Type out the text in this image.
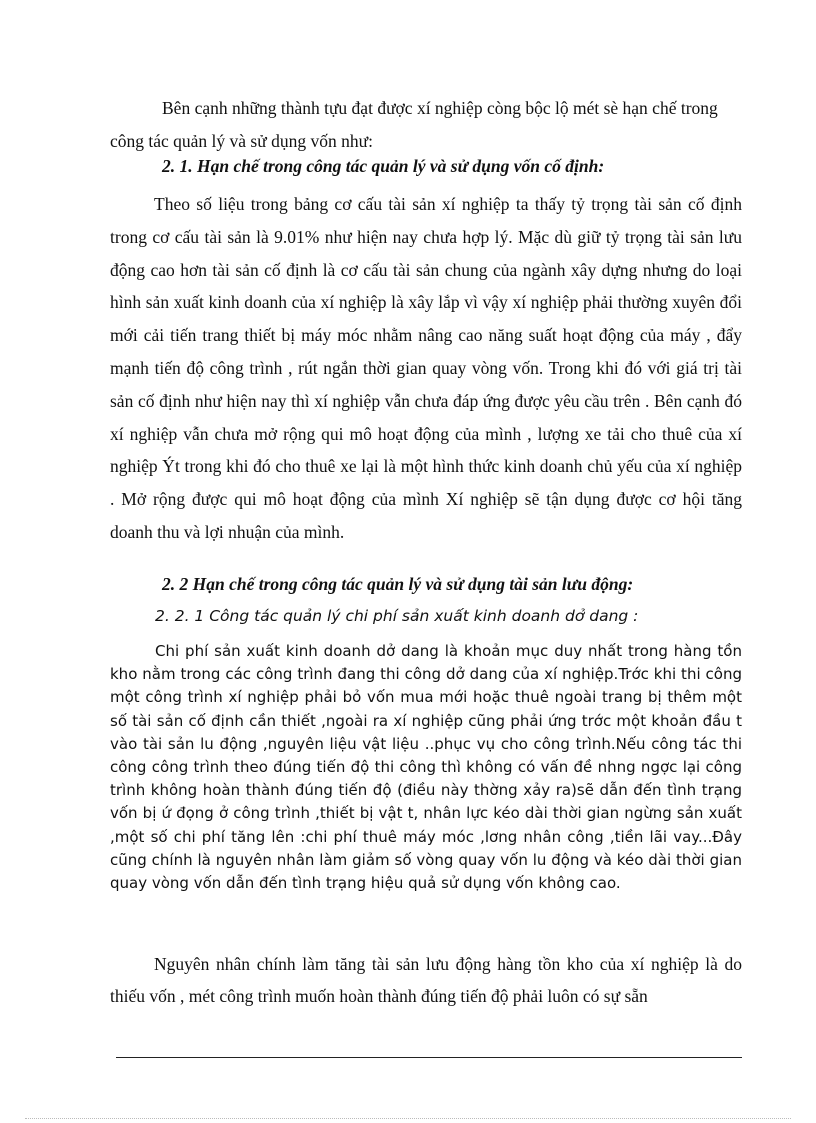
Bên cạnh những thành tựu đạt được xí nghiệp còng bộc lộ mét sè hạn chế trong công tác quản lý và sử dụng vốn như:
2. 1. Hạn chế trong công tác quản lý và sử dụng vốn cố định:
Theo số liệu trong bảng cơ cấu tài sản xí nghiệp ta thấy tỷ trọng tài sản cố định trong cơ cấu tài sản là 9.01% như hiện nay chưa hợp lý. Mặc dù giữ tỷ trọng tài sản lưu động cao hơn tài sản cố định là cơ cấu tài sản chung của ngành xây dựng nhưng do loại hình sản xuất kinh doanh của xí nghiệp là xây lắp vì vậy xí nghiệp phải thường xuyên đổi mới cải tiến trang thiết bị máy móc nhằm nâng cao năng suất hoạt động của máy , đẩy mạnh tiến độ công trình , rút ngắn thời gian quay vòng vốn. Trong khi đó với giá trị tài sản cố định như hiện nay thì xí nghiệp vẫn chưa đáp ứng được yêu cầu trên . Bên cạnh đó xí nghiệp vẫn chưa mở rộng qui mô hoạt động của mình , lượng xe tải cho thuê của xí nghiệp Ýt trong khi đó cho thuê xe lại là một hình thức kinh doanh chủ yếu của xí nghiệp . Mở rộng được qui mô hoạt động của mình Xí nghiệp sẽ tận dụng được cơ hội tăng doanh thu và lợi nhuận của mình.
2. 2 Hạn chế trong công tác quản lý và sử dụng tài sản lưu động:
2. 2. 1 Công tác quản lý chi phí sản xuất kinh doanh dở dang :
Chi phí sản xuất kinh doanh dở dang là khoản mục duy nhất trong hàng tồn kho nằm trong các công trình đang thi công dở dang của xí nghiệp.Trớc khi thi công một công trình xí nghiệp phải bỏ vốn mua mới hoặc thuê ngoài trang bị thêm một số tài sản cố định cần thiết ,ngoài ra xí nghiệp cũng phải ứng trớc một khoản đầu t vào tài sản lu động ,nguyên liệu vật liệu ..phục vụ cho công trình.Nếu công tác thi công công trình theo đúng tiến độ thi công thì không có vấn đề nhng ngợc lại công trình không hoàn thành đúng tiến độ (điều này thờng xảy ra)sẽ dẫn đến tình trạng vốn bị ứ đọng ở công trình ,thiết bị vật t, nhân lực kéo dài thời gian ngừng sản xuất ,một số chi phí tăng lên :chi phí thuê máy móc ,lơng nhân công ,tiền lãi vay...Đây cũng chính là nguyên nhân làm giảm số vòng quay vốn lu động và kéo dài thời gian quay vòng vốn dẫn đến tình trạng hiệu quả sử dụng vốn không cao.
Nguyên nhân chính làm tăng tài sản lưu động hàng tồn kho của xí nghiệp là do thiếu vốn , mét công trình muốn hoàn thành đúng tiến độ phải luôn có sự sẵn
